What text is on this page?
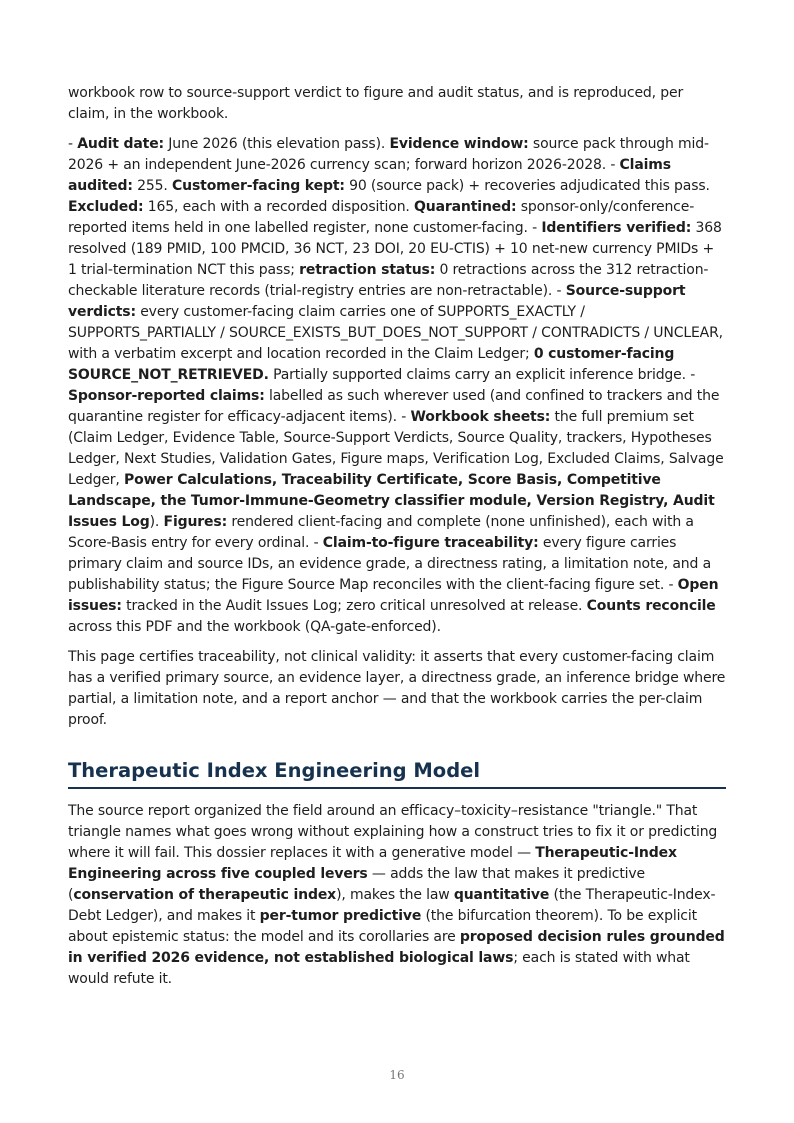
workbook row to source-support verdict to figure and audit status, and is reproduced, per claim, in the workbook.

- Audit date: June 2026 (this elevation pass). Evidence window: source pack through mid-2026 + an independent June-2026 currency scan; forward horizon 2026-2028. - Claims audited: 255. Customer-facing kept: 90 (source pack) + recoveries adjudicated this pass. Excluded: 165, each with a recorded disposition. Quarantined: sponsor-only/conference-reported items held in one labelled register, none customer-facing. - Identifiers verified: 368 resolved (189 PMID, 100 PMCID, 36 NCT, 23 DOI, 20 EU-CTIS) + 10 net-new currency PMIDs + 1 trial-termination NCT this pass; retraction status: 0 retractions across the 312 retraction-checkable literature records (trial-registry entries are non-retractable). - Source-support verdicts: every customer-facing claim carries one of SUPPORTS_EXACTLY / SUPPORTS_PARTIALLY / SOURCE_EXISTS_BUT_DOES_NOT_SUPPORT / CONTRADICTS / UNCLEAR, with a verbatim excerpt and location recorded in the Claim Ledger; 0 customer-facing SOURCE_NOT_RETRIEVED. Partially supported claims carry an explicit inference bridge. - Sponsor-reported claims: labelled as such wherever used (and confined to trackers and the quarantine register for efficacy-adjacent items). - Workbook sheets: the full premium set (Claim Ledger, Evidence Table, Source-Support Verdicts, Source Quality, trackers, Hypotheses Ledger, Next Studies, Validation Gates, Figure maps, Verification Log, Excluded Claims, Salvage Ledger, Power Calculations, Traceability Certificate, Score Basis, Competitive Landscape, the Tumor-Immune-Geometry classifier module, Version Registry, Audit Issues Log). Figures: rendered client-facing and complete (none unfinished), each with a Score-Basis entry for every ordinal. - Claim-to-figure traceability: every figure carries primary claim and source IDs, an evidence grade, a directness rating, a limitation note, and a publishability status; the Figure Source Map reconciles with the client-facing figure set. - Open issues: tracked in the Audit Issues Log; zero critical unresolved at release. Counts reconcile across this PDF and the workbook (QA-gate-enforced).

This page certifies traceability, not clinical validity: it asserts that every customer-facing claim has a verified primary source, an evidence layer, a directness grade, an inference bridge where partial, a limitation note, and a report anchor — and that the workbook carries the per-claim proof.

Therapeutic Index Engineering Model

The source report organized the field around an efficacy–toxicity–resistance "triangle." That triangle names what goes wrong without explaining how a construct tries to fix it or predicting where it will fail. This dossier replaces it with a generative model — Therapeutic-Index Engineering across five coupled levers — adds the law that makes it predictive (conservation of therapeutic index), makes the law quantitative (the Therapeutic-Index-Debt Ledger), and makes it per-tumor predictive (the bifurcation theorem). To be explicit about epistemic status: the model and its corollaries are proposed decision rules grounded in verified 2026 evidence, not established biological laws; each is stated with what would refute it.

16
